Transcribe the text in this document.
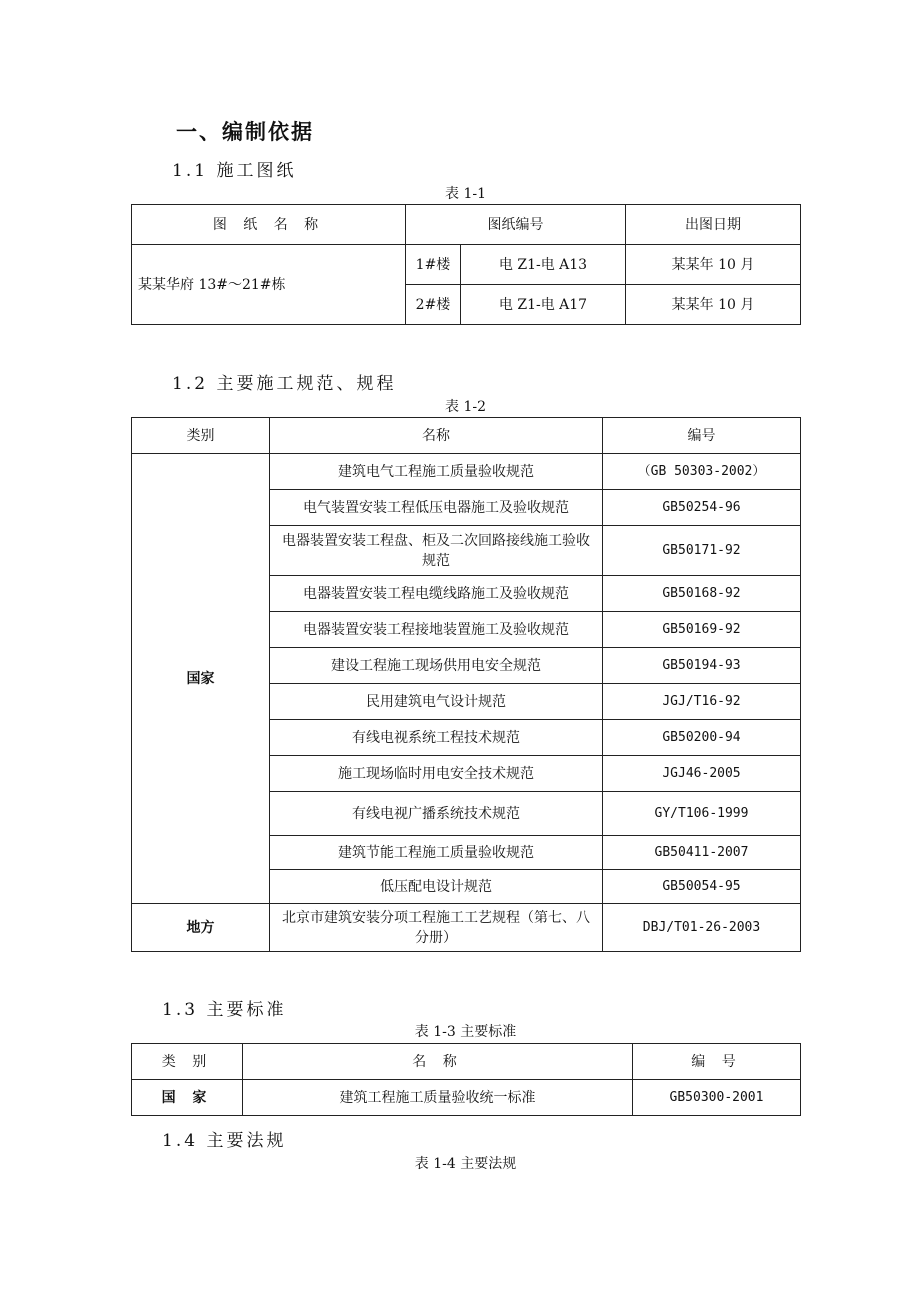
一、编制依据
1.1 施工图纸
表 1-1
图 纸 名 称	图纸编号		出图日期
某某华府 13#～21#栋	1#楼	电 Z1-电 A13	某某年 10 月
	2#楼	电 Z1-电 A17	某某年 10 月
1.2 主要施工规范、规程
表 1-2
类别	名称	编号
国家	建筑电气工程施工质量验收规范	（GB 50303-2002）
	电气装置安装工程低压电器施工及验收规范	GB50254-96
	电器装置安装工程盘、柜及二次回路接线施工验收规范	GB50171-92
	电器装置安装工程电缆线路施工及验收规范	GB50168-92
	电器装置安装工程接地装置施工及验收规范	GB50169-92
	建设工程施工现场供用电安全规范	GB50194-93
	民用建筑电气设计规范	JGJ/T16-92
	有线电视系统工程技术规范	GB50200-94
	施工现场临时用电安全技术规范	JGJ46-2005
	有线电视广播系统技术规范	GY/T106-1999
	建筑节能工程施工质量验收规范	GB50411-2007
	低压配电设计规范	GB50054-95
地方	北京市建筑安装分项工程施工工艺规程（第七、八分册）	DBJ/T01-26-2003
1.3 主要标准
表 1-3 主要标准
类 别	名 称	编 号
国 家	建筑工程施工质量验收统一标准	GB50300-2001
1.4 主要法规
表 1-4 主要法规
